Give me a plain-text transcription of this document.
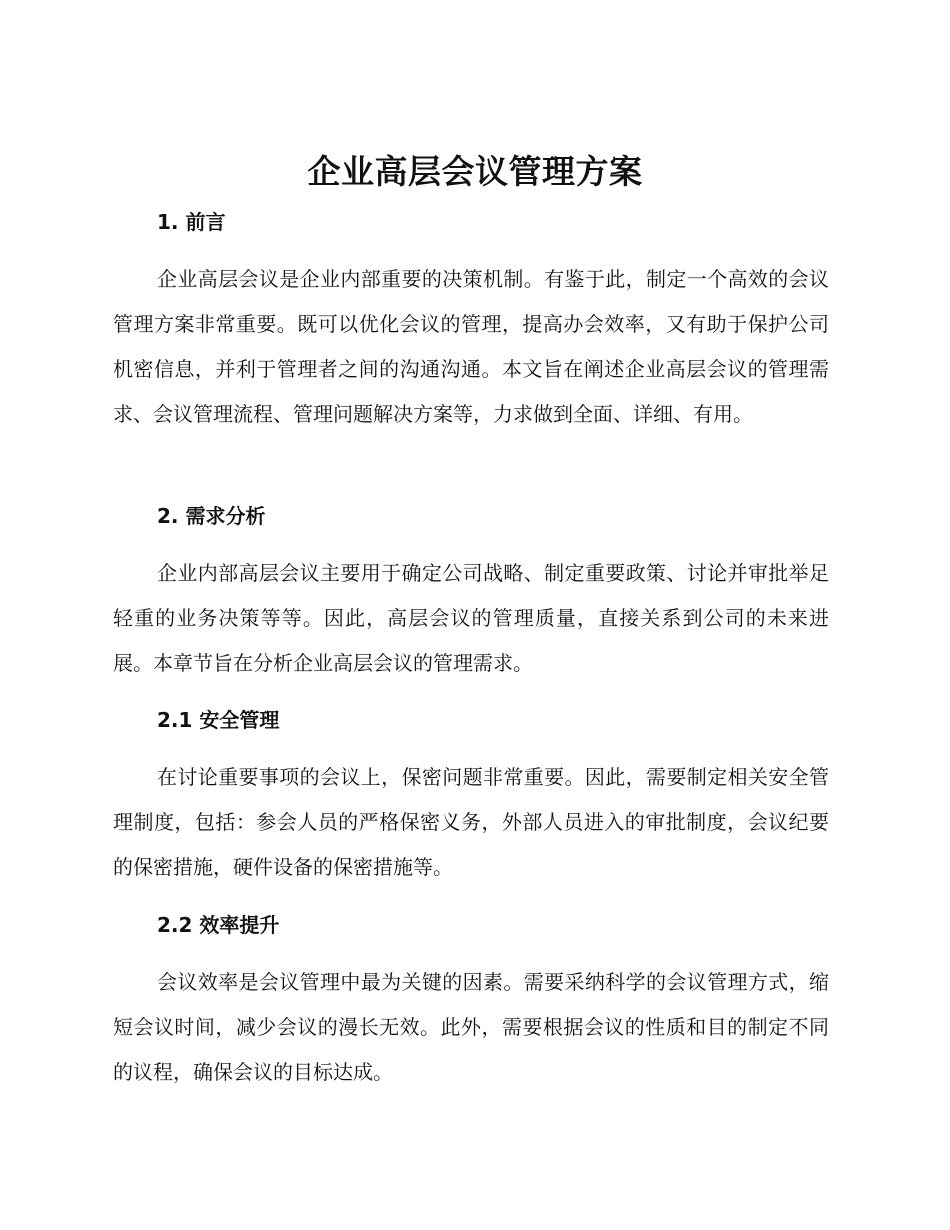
企业高层会议管理方案
1. 前言

企业高层会议是企业内部重要的决策机制。有鉴于此，制定一个高效的会议管理方案非常重要。既可以优化会议的管理，提高办会效率，又有助于保护公司机密信息，并利于管理者之间的沟通沟通。本文旨在阐述企业高层会议的管理需求、会议管理流程、管理问题解决方案等，力求做到全面、详细、有用。

2. 需求分析

企业内部高层会议主要用于确定公司战略、制定重要政策、讨论并审批举足轻重的业务决策等等。因此，高层会议的管理质量，直接关系到公司的未来进展。本章节旨在分析企业高层会议的管理需求。

2.1 安全管理

在讨论重要事项的会议上，保密问题非常重要。因此，需要制定相关安全管理制度，包括：参会人员的严格保密义务，外部人员进入的审批制度，会议纪要的保密措施，硬件设备的保密措施等。

2.2 效率提升

会议效率是会议管理中最为关键的因素。需要采纳科学的会议管理方式，缩短会议时间，减少会议的漫长无效。此外，需要根据会议的性质和目的制定不同的议程，确保会议的目标达成。
